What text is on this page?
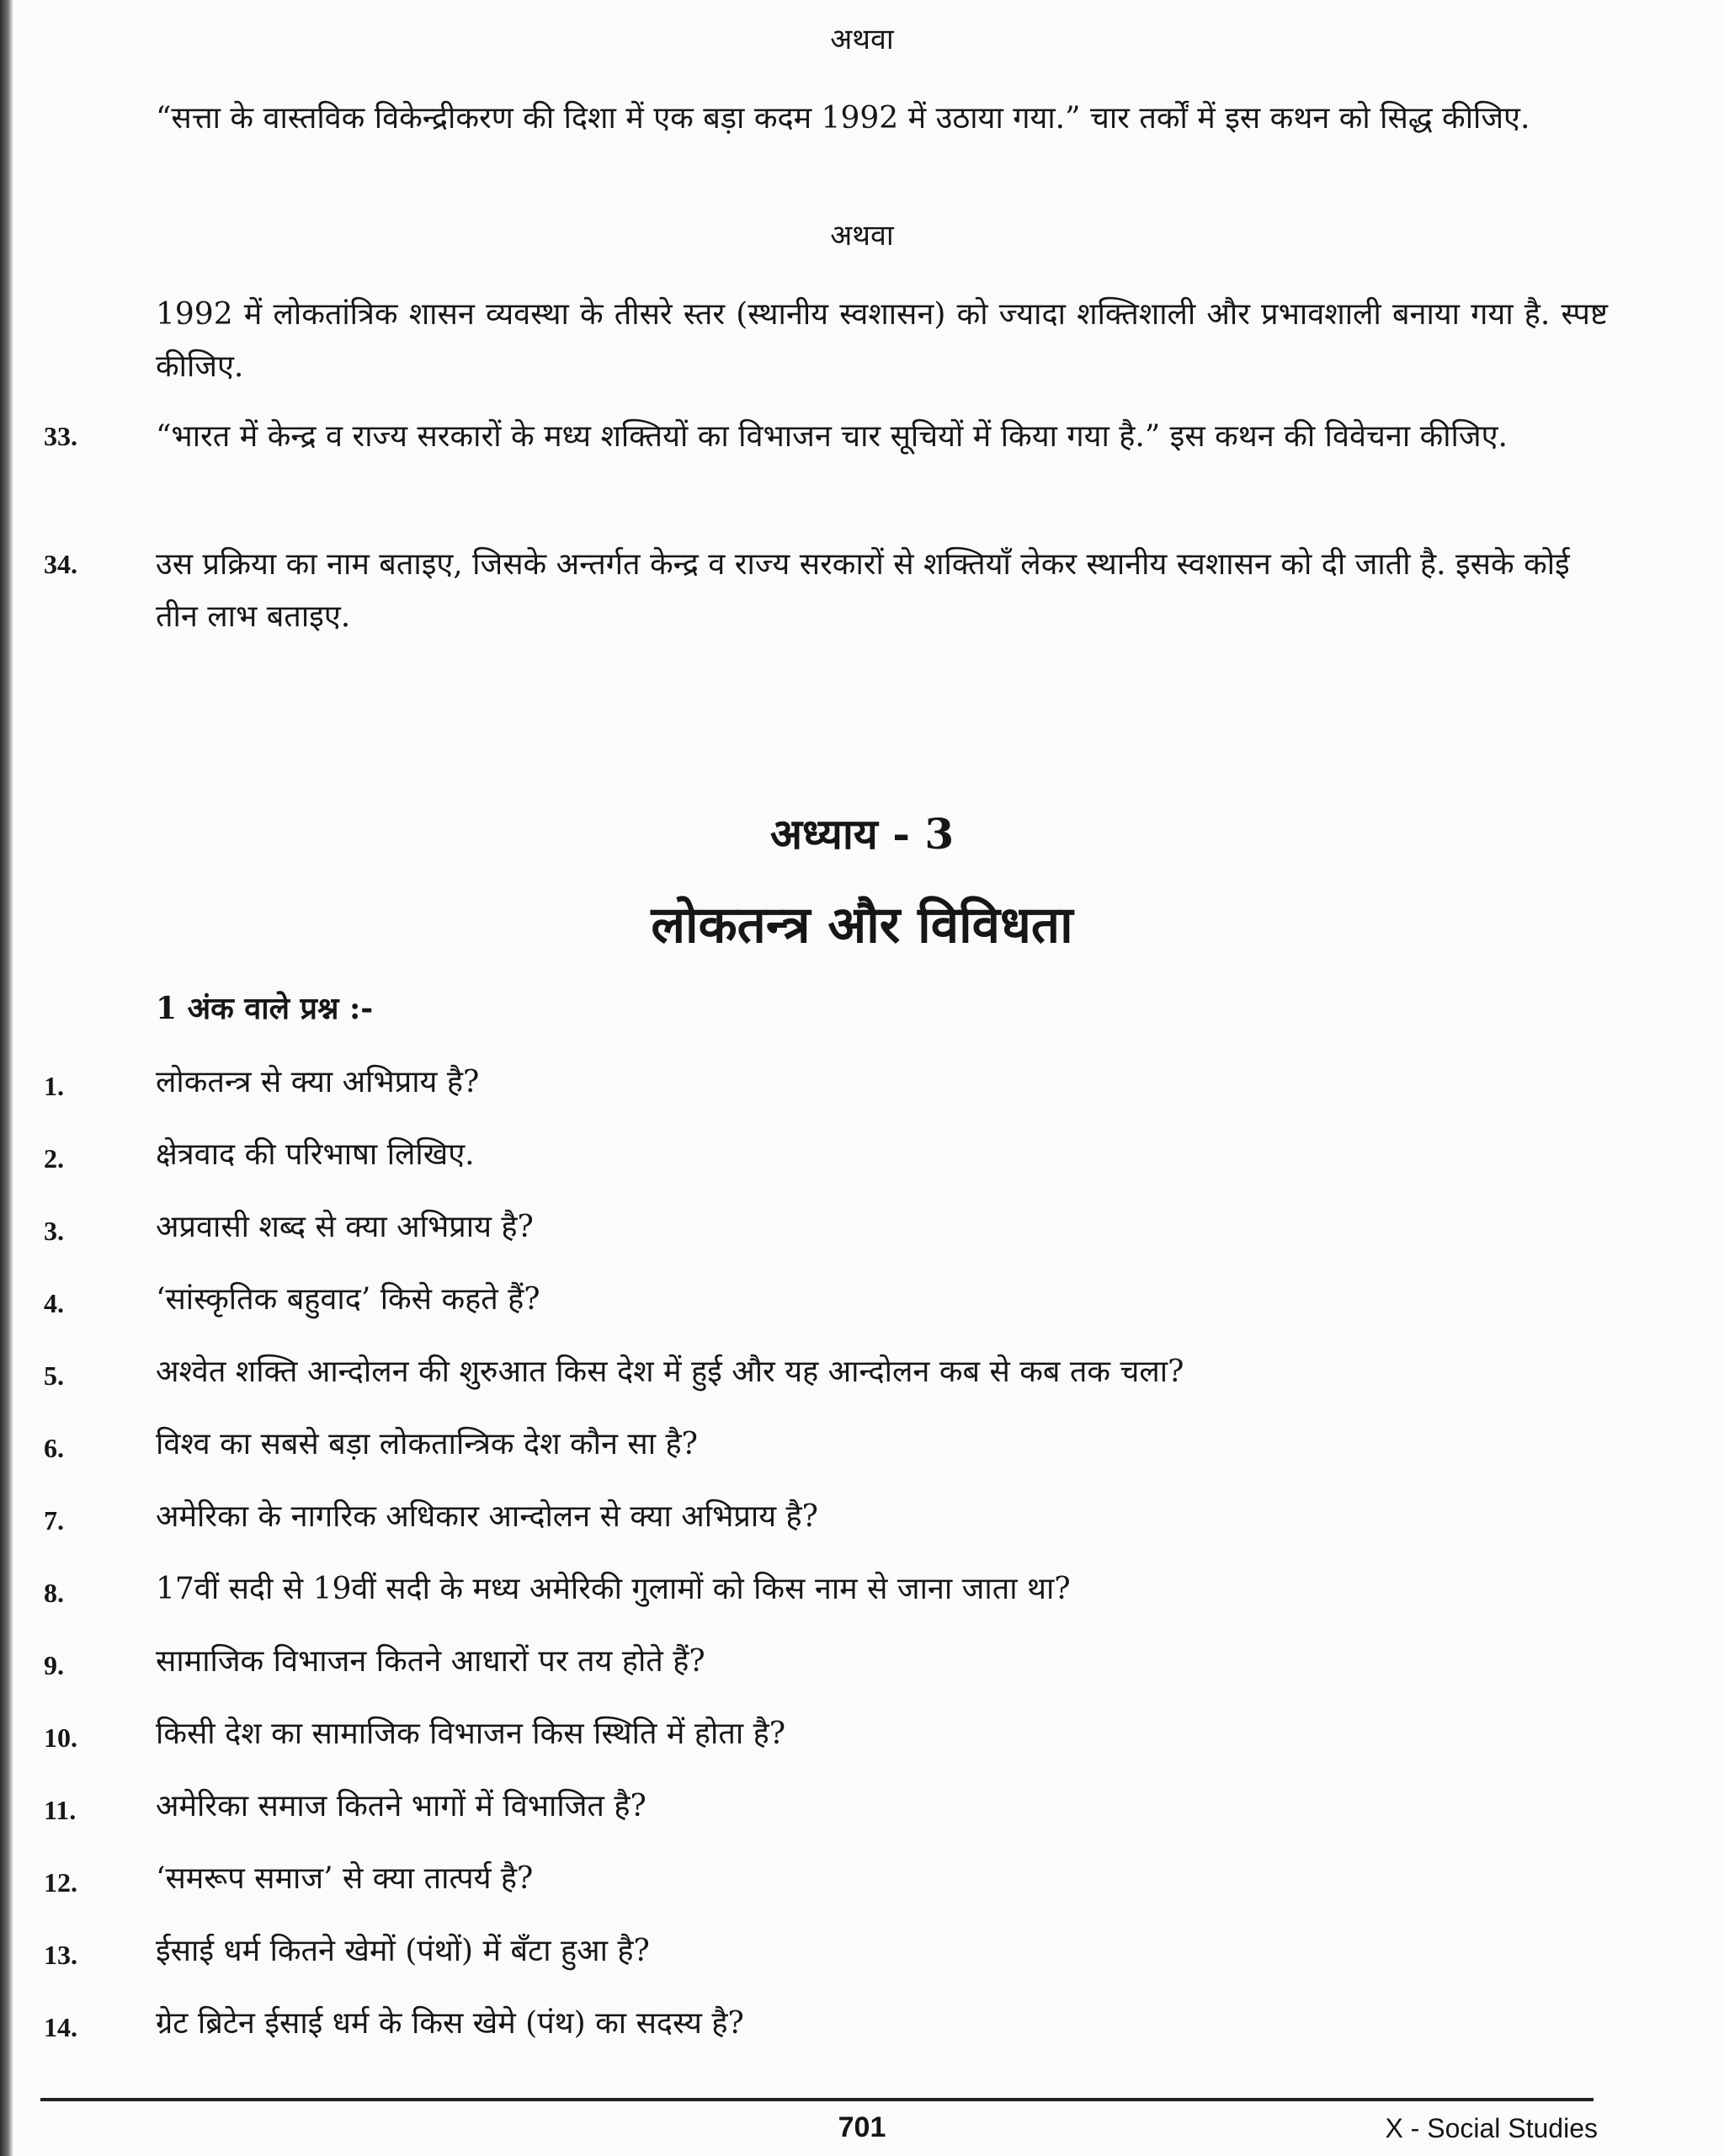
अथवा
“सत्ता के वास्तविक विकेन्द्रीकरण की दिशा में एक बड़ा कदम 1992 में उठाया गया.” चार तर्कों में इस कथन को सिद्ध कीजिए.
अथवा
1992 में लोकतांत्रिक शासन व्यवस्था के तीसरे स्तर (स्थानीय स्वशासन) को ज्यादा शक्तिशाली और प्रभावशाली बनाया गया है. स्पष्ट कीजिए.
33.	“भारत में केन्द्र व राज्य सरकारों के मध्य शक्तियों का विभाजन चार सूचियों में किया गया है.” इस कथन की विवेचना कीजिए.
34.	उस प्रक्रिया का नाम बताइए, जिसके अन्तर्गत केन्द्र व राज्य सरकारों से शक्तियाँ लेकर स्थानीय स्वशासन को दी जाती है. इसके कोई तीन लाभ बताइए.
अध्याय - 3
लोकतन्त्र और विविधता
1 अंक वाले प्रश्न :-
1.	लोकतन्त्र से क्या अभिप्राय है?
2.	क्षेत्रवाद की परिभाषा लिखिए.
3.	अप्रवासी शब्द से क्या अभिप्राय है?
4.	‘सांस्कृतिक बहुवाद’ किसे कहते हैं?
5.	अश्वेत शक्ति आन्दोलन की शुरुआत किस देश में हुई और यह आन्दोलन कब से कब तक चला?
6.	विश्व का सबसे बड़ा लोकतान्त्रिक देश कौन सा है?
7.	अमेरिका के नागरिक अधिकार आन्दोलन से क्या अभिप्राय है?
8.	17वीं सदी से 19वीं सदी के मध्य अमेरिकी गुलामों को किस नाम से जाना जाता था?
9.	सामाजिक विभाजन कितने आधारों पर तय होते हैं?
10.	किसी देश का सामाजिक विभाजन किस स्थिति में होता है?
11.	अमेरिका समाज कितने भागों में विभाजित है?
12.	‘समरूप समाज’ से क्या तात्पर्य है?
13.	ईसाई धर्म कितने खेमों (पंथों) में बँटा हुआ है?
14.	ग्रेट ब्रिटेन ईसाई धर्म के किस खेमे (पंथ) का सदस्य है?
701	X - Social Studies
